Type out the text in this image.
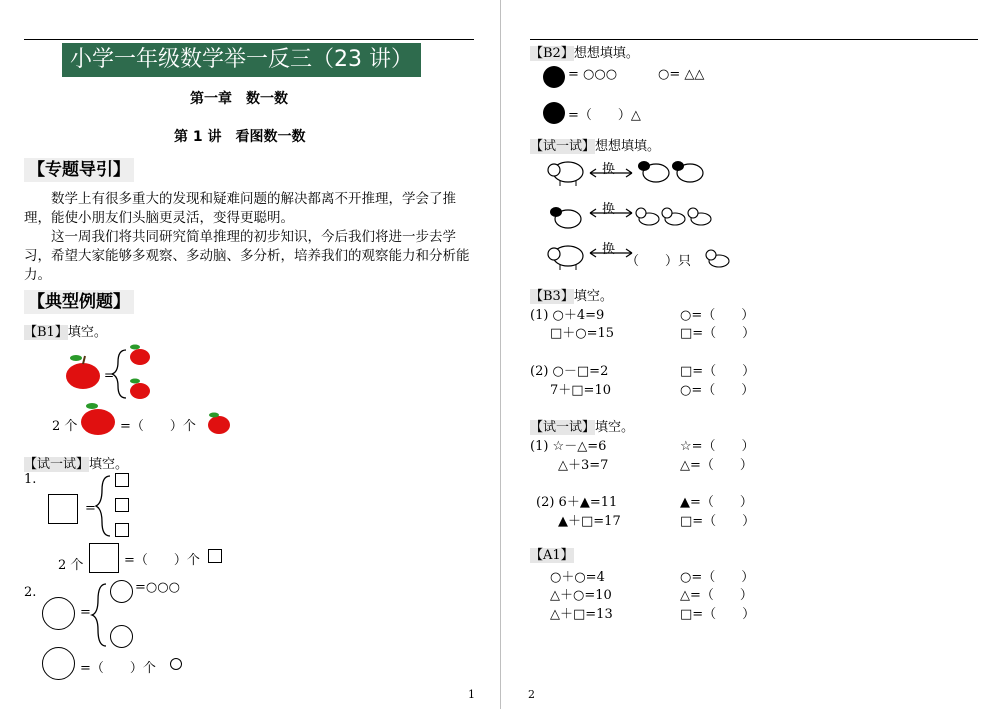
小学一年级数学举一反三（23 讲）
第一章　数一数
第 1 讲　看图数一数
【专题导引】
数学上有很多重大的发现和疑难问题的解决都离不开推理，学会了推理，能使小朋友们头脑更灵活，变得更聪明。
这一周我们将共同研究简单推理的初步知识，今后我们将进一步去学习，希望大家能够多观察、多动脑、多分析，培养我们的观察能力和分析能力。
【典型例题】
【B1】填空。
=
2 个	=（　　）个
【试一试】填空。
1.
=
2 个	=（　　）个
2.
=
=○○○
=（　　）个
1
【B2】想想填填。
= ○○○	○= △△
=（　　）△
【试一试】想想填填。
换
换
换
（　　）只
【B3】填空。
(1) ○＋4=9	○=（　　）
□＋○=15	□=（　　）
(2) ○－□=2	□=（　　）
7＋□=10	○=（　　）
【试一试】填空。
(1) ☆－△=6	☆=（　　）
△＋3=7	△=（　　）
(2) 6＋▲=11	▲=（　　）
▲＋□=17	□=（　　）
【A1】
○＋○=4	○=（　　）
△＋○=10	△=（　　）
△＋□=13	□=（　　）
2
